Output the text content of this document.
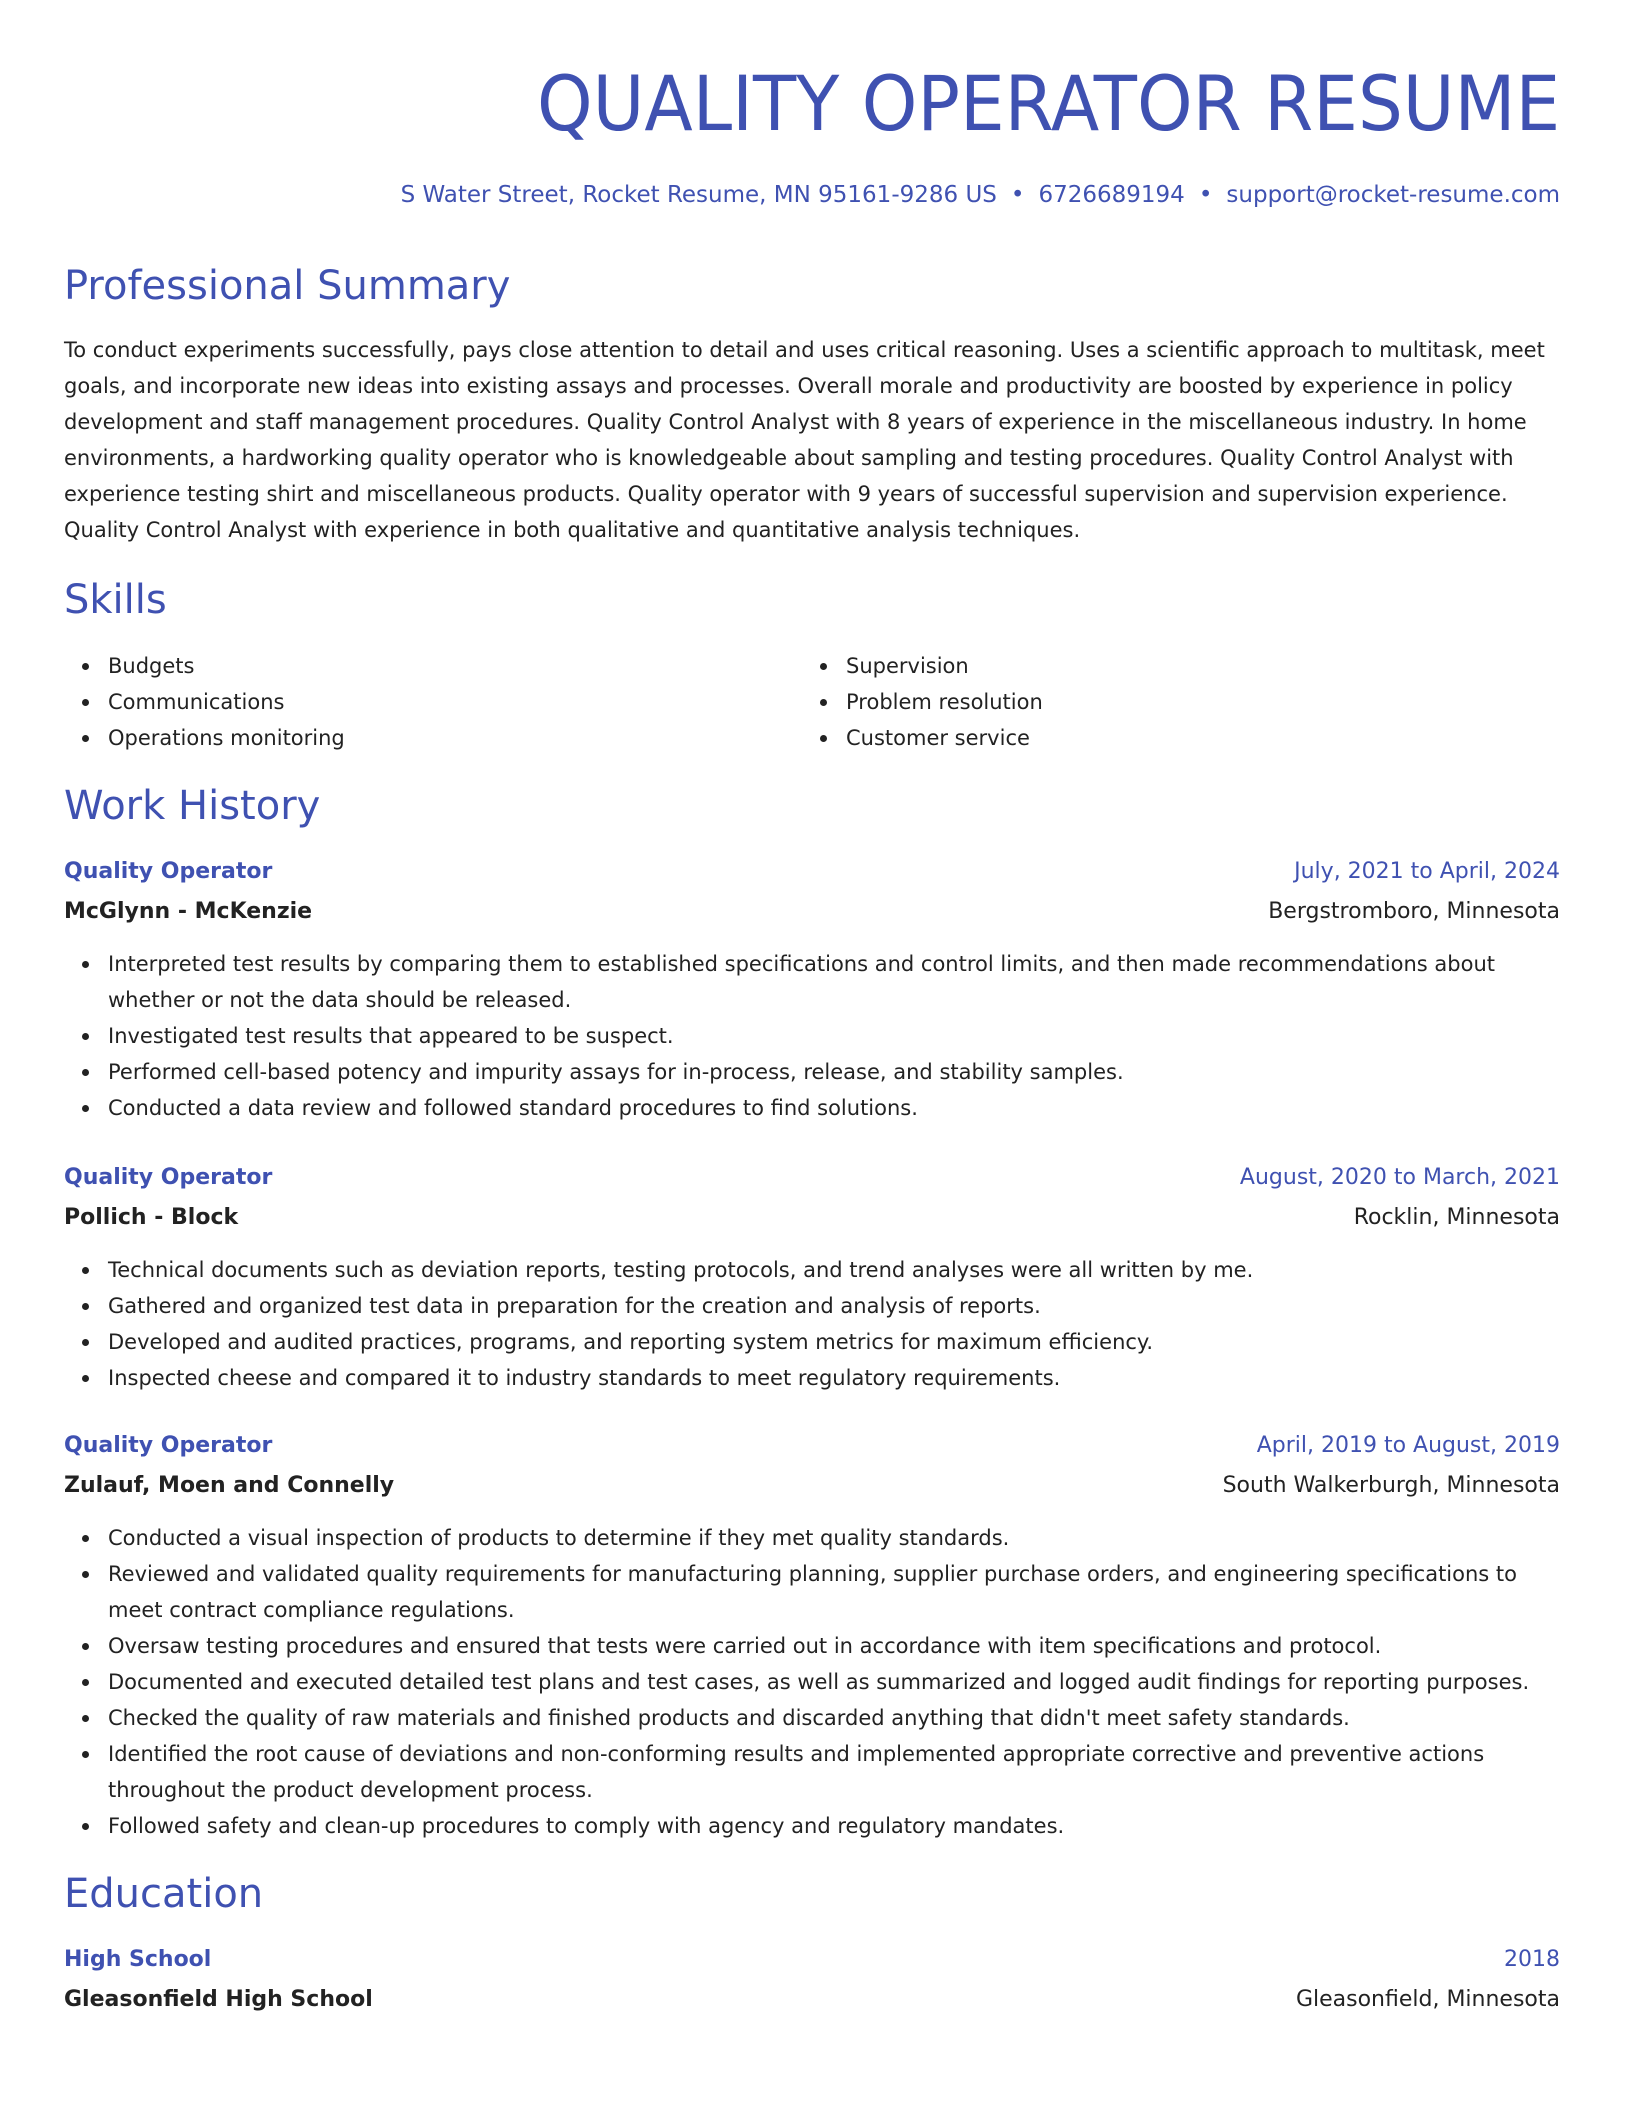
QUALITY OPERATOR RESUME
S Water Street, Rocket Resume, MN 95161-9286 US • 6726689194 • support@rocket-resume.com
Professional Summary

To conduct experiments successfully, pays close attention to detail and uses critical reasoning. Uses a scientific approach to multitask, meet goals, and incorporate new ideas into existing assays and processes. Overall morale and productivity are boosted by experience in policy development and staff management procedures. Quality Control Analyst with 8 years of experience in the miscellaneous industry. In home environments, a hardworking quality operator who is knowledgeable about sampling and testing procedures. Quality Control Analyst with experience testing shirt and miscellaneous products. Quality operator with 9 years of successful supervision and supervision experience. Quality Control Analyst with experience in both qualitative and quantitative analysis techniques.

Skills
Budgets
Communications
Operations monitoring
Supervision
Problem resolution
Customer service
Work History
Quality Operator	July, 2021 to April, 2024
McGlynn - McKenzie	Bergstromboro, Minnesota
Interpreted test results by comparing them to established specifications and control limits, and then made recommendations about whether or not the data should be released.
Investigated test results that appeared to be suspect.
Performed cell-based potency and impurity assays for in-process, release, and stability samples.
Conducted a data review and followed standard procedures to find solutions.
Quality Operator	August, 2020 to March, 2021
Pollich - Block	Rocklin, Minnesota
Technical documents such as deviation reports, testing protocols, and trend analyses were all written by me.
Gathered and organized test data in preparation for the creation and analysis of reports.
Developed and audited practices, programs, and reporting system metrics for maximum efficiency.
Inspected cheese and compared it to industry standards to meet regulatory requirements.
Quality Operator	April, 2019 to August, 2019
Zulauf, Moen and Connelly	South Walkerburgh, Minnesota
Conducted a visual inspection of products to determine if they met quality standards.
Reviewed and validated quality requirements for manufacturing planning, supplier purchase orders, and engineering specifications to meet contract compliance regulations.
Oversaw testing procedures and ensured that tests were carried out in accordance with item specifications and protocol.
Documented and executed detailed test plans and test cases, as well as summarized and logged audit findings for reporting purposes.
Checked the quality of raw materials and finished products and discarded anything that didn't meet safety standards.
Identified the root cause of deviations and non-conforming results and implemented appropriate corrective and preventive actions throughout the product development process.
Followed safety and clean-up procedures to comply with agency and regulatory mandates.
Education
High School	2018
Gleasonfield High School	Gleasonfield, Minnesota
